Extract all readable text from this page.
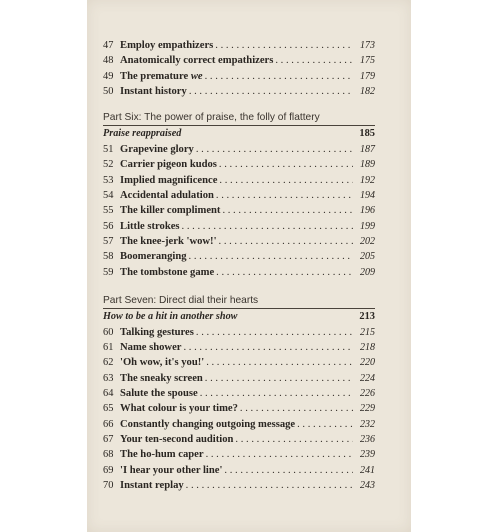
47 Employ empathizers . . .	173
48 Anatomically correct empathizers . . .	175
49 The premature we . . .	179
50 Instant history . . .	182
Part Six: The power of praise, the folly of flattery
Praise reappraised	185
51 Grapevine glory . . .	187
52 Carrier pigeon kudos . . .	189
53 Implied magnificence . . .	192
54 Accidental adulation . . .	194
55 The killer compliment . . .	196
56 Little strokes . . .	199
57 The knee-jerk 'wow!' . . .	202
58 Boomeranging . . .	205
59 The tombstone game . . .	209
Part Seven: Direct dial their hearts
How to be a hit in another show	213
60 Talking gestures . . .	215
61 Name shower . . .	218
62 'Oh wow, it's you!' . . .	220
63 The sneaky screen . . .	224
64 Salute the spouse . . .	226
65 What colour is your time? . . .	229
66 Constantly changing outgoing message . . .	232
67 Your ten-second audition . . .	236
68 The ho-hum caper . . .	239
69 'I hear your other line' . . .	241
70 Instant replay . . .	243
